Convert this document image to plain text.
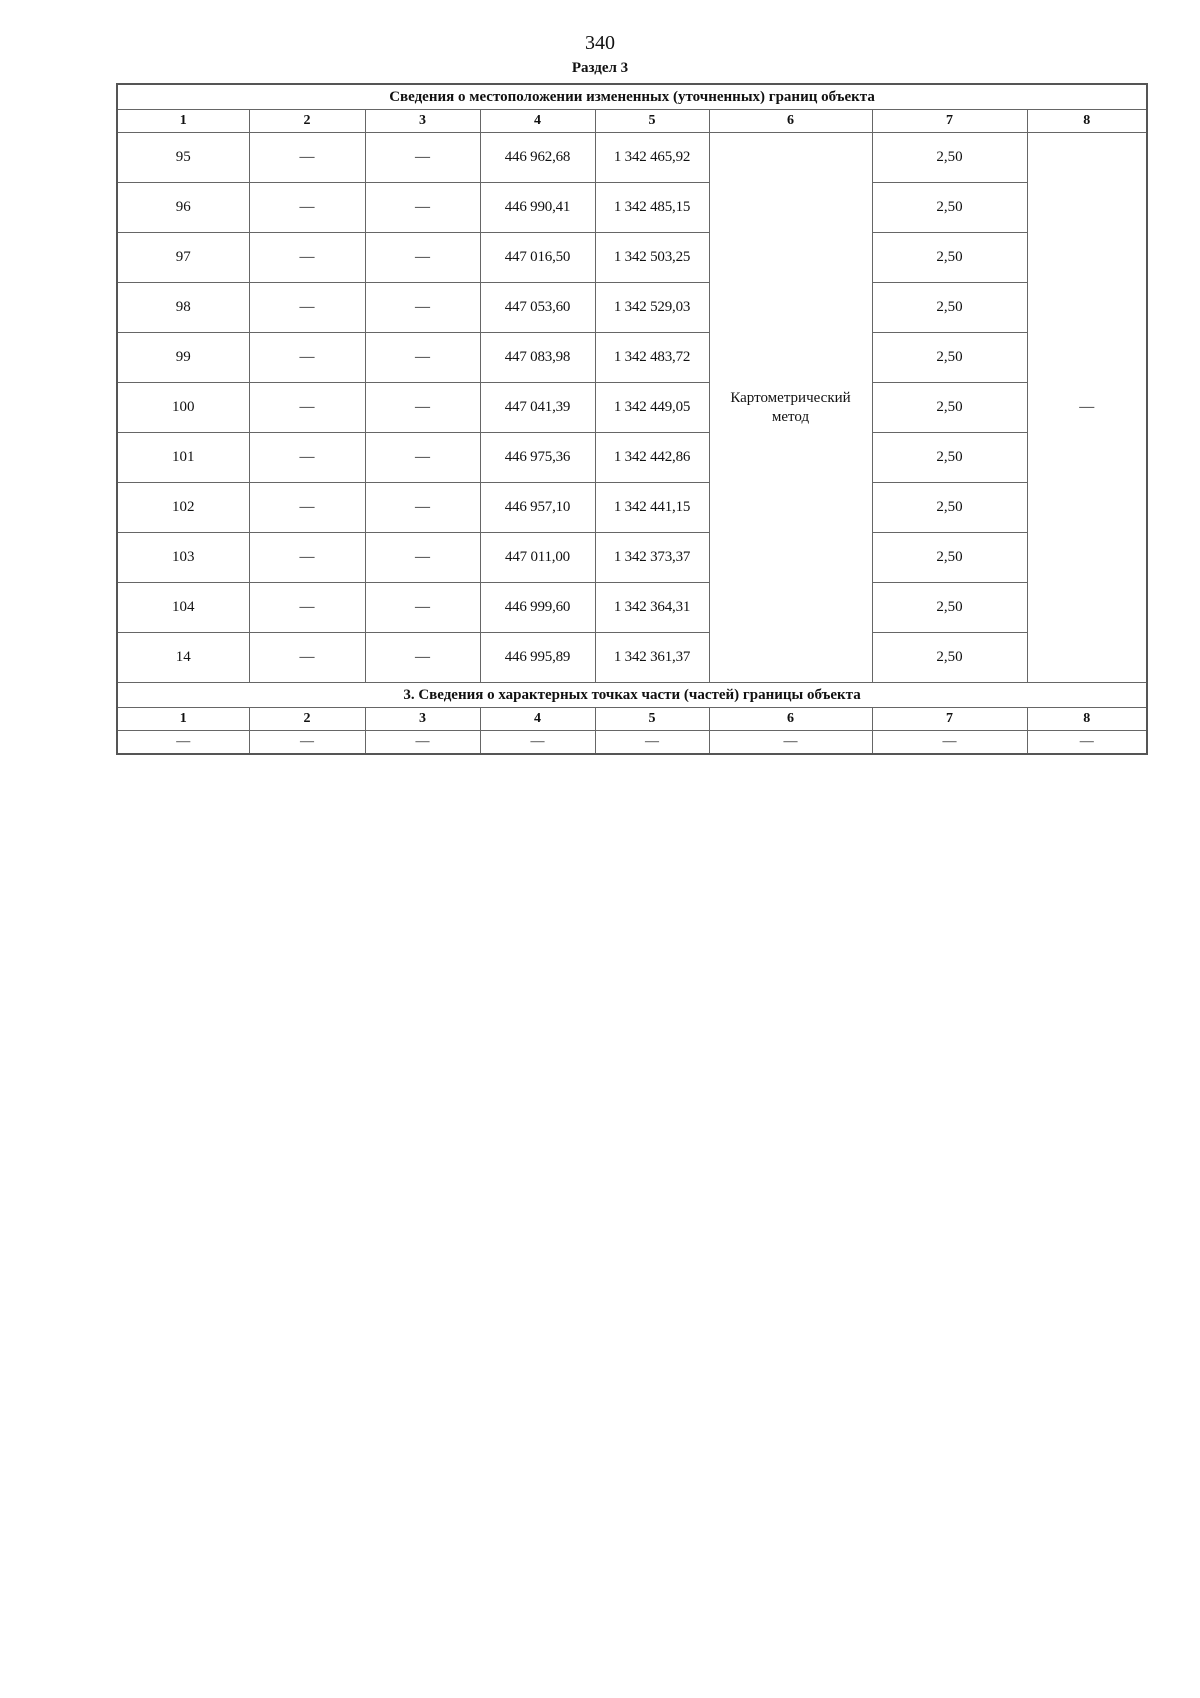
340
Раздел 3
Сведения о местоположении измененных (уточненных) границ объекта							
1	2	3	4	5	6	7	8
95	—	—	446 962,68	1 342 465,92	Картометрический метод	2,50	—
96	—	—	446 990,41	1 342 485,15		2,50	
97	—	—	447 016,50	1 342 503,25		2,50	
98	—	—	447 053,60	1 342 529,03		2,50	
99	—	—	447 083,98	1 342 483,72		2,50	
100	—	—	447 041,39	1 342 449,05		2,50	
101	—	—	446 975,36	1 342 442,86		2,50	
102	—	—	446 957,10	1 342 441,15		2,50	
103	—	—	447 011,00	1 342 373,37		2,50	
104	—	—	446 999,60	1 342 364,31		2,50	
14	—	—	446 995,89	1 342 361,37		2,50	
3. Сведения о характерных точках части (частей) границы объекта							
1	2	3	4	5	6	7	8
—	—	—	—	—	—	—	—
